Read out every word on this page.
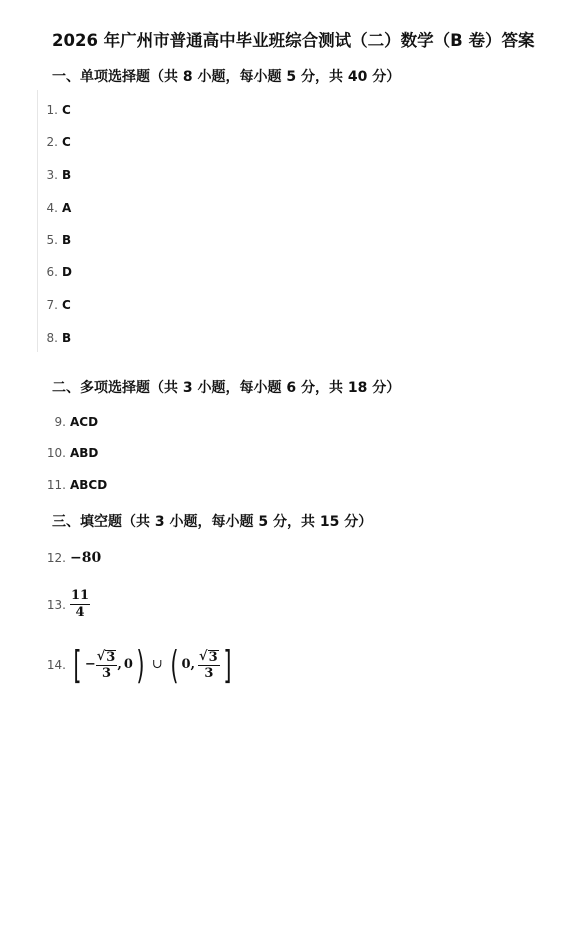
2026 年广州市普通高中毕业班综合测试（二）数学（B 卷）答案
一、单项选择题（共 8 小题，每小题 5 分，共 40 分）
1. C
2. C
3. B
4. A
5. B
6. D
7. C
8. B
二、多项选择题（共 3 小题，每小题 6 分，共 18 分）
9. ACD
10. ABD
11. ABCD
三、填空题（共 3 小题，每小题 5 分，共 15 分）
12. −80
13. $\frac{11}{4}$
14. [ − $\frac{√ 3}{3}$ , 0 ) ∪ ( 0 , $\frac{√ 3}{3}$ ]
